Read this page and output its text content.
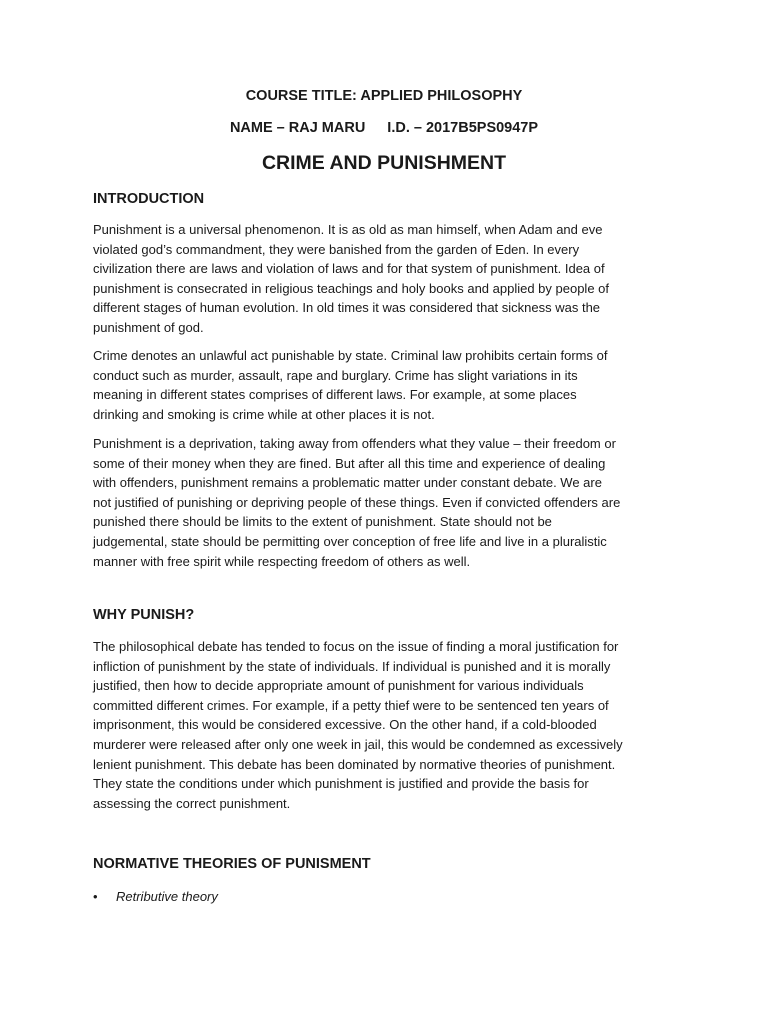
COURSE TITLE: APPLIED PHILOSOPHY
NAME – RAJ MARU I.D. – 2017B5PS0947P
CRIME AND PUNISHMENT
INTRODUCTION

Punishment is a universal phenomenon. It is as old as man himself, when Adam and eve
violated god’s commandment, they were banished from the garden of Eden. In every
civilization there are laws and violation of laws and for that system of punishment. Idea of
punishment is consecrated in religious teachings and holy books and applied by people of
different stages of human evolution. In old times it was considered that sickness was the
punishment of god.

Crime denotes an unlawful act punishable by state. Criminal law prohibits certain forms of
conduct such as murder, assault, rape and burglary. Crime has slight variations in its
meaning in different states comprises of different laws. For example, at some places
drinking and smoking is crime while at other places it is not.

Punishment is a deprivation, taking away from offenders what they value – their freedom or
some of their money when they are fined. But after all this time and experience of dealing
with offenders, punishment remains a problematic matter under constant debate. We are
not justified of punishing or depriving people of these things. Even if convicted offenders are
punished there should be limits to the extent of punishment. State should not be
judgemental, state should be permitting over conception of free life and live in a pluralistic
manner with free spirit while respecting freedom of others as well.

WHY PUNISH?

The philosophical debate has tended to focus on the issue of finding a moral justification for
infliction of punishment by the state of individuals. If individual is punished and it is morally
justified, then how to decide appropriate amount of punishment for various individuals
committed different crimes. For example, if a petty thief were to be sentenced ten years of
imprisonment, this would be considered excessive. On the other hand, if a cold-blooded
murderer were released after only one week in jail, this would be condemned as excessively
lenient punishment. This debate has been dominated by normative theories of punishment.
They state the conditions under which punishment is justified and provide the basis for
assessing the correct punishment.

NORMATIVE THEORIES OF PUNISMENT
• Retributive theory
